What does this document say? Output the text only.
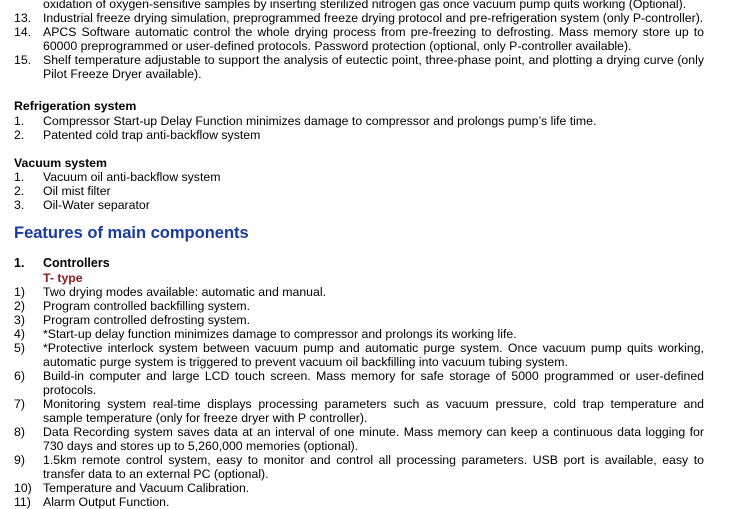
oxidation of oxygen-sensitive samples by inserting sterilized nitrogen gas once vacuum pump quits working (Optional).
13. Industrial freeze drying simulation, preprogrammed freeze drying protocol and pre-refrigeration system (only P-controller).
14. APCS Software automatic control the whole drying process from pre-freezing to defrosting. Mass memory store up to 60000 preprogrammed or user-defined protocols. Password protection (optional, only P-controller available).
15. Shelf temperature adjustable to support the analysis of eutectic point, three-phase point, and plotting a drying curve (only Pilot Freeze Dryer available).
Refrigeration system
1.	Compressor Start-up Delay Function minimizes damage to compressor and prolongs pump’s life time.
2.	Patented cold trap anti-backflow system
Vacuum system
1.	Vacuum oil anti-backflow system
2.	Oil mist filter
3.	Oil-Water separator
Features of main components
1. Controllers
T- type
1)	Two drying modes available: automatic and manual.
2)	Program controlled backfilling system.
3)	Program controlled defrosting system.
4)	*Start-up delay function minimizes damage to compressor and prolongs its working life.
5)	*Protective interlock system between vacuum pump and automatic purge system. Once vacuum pump quits working, automatic purge system is triggered to prevent vacuum oil backfilling into vacuum tubing system.
6)	Build-in computer and large LCD touch screen. Mass memory for safe storage of 5000 programmed or user-defined protocols.
7)	Monitoring system real-time displays processing parameters such as vacuum pressure, cold trap temperature and sample temperature (only for freeze dryer with P controller).
8)	Data Recording system saves data at an interval of one minute. Mass memory can keep a continuous data logging for 730 days and stores up to 5,260,000 memories (optional).
9)	1.5km remote control system, easy to monitor and control all processing parameters. USB port is available, easy to transfer data to an external PC (optional).
10) Temperature and Vacuum Calibration.
11) Alarm Output Function.
